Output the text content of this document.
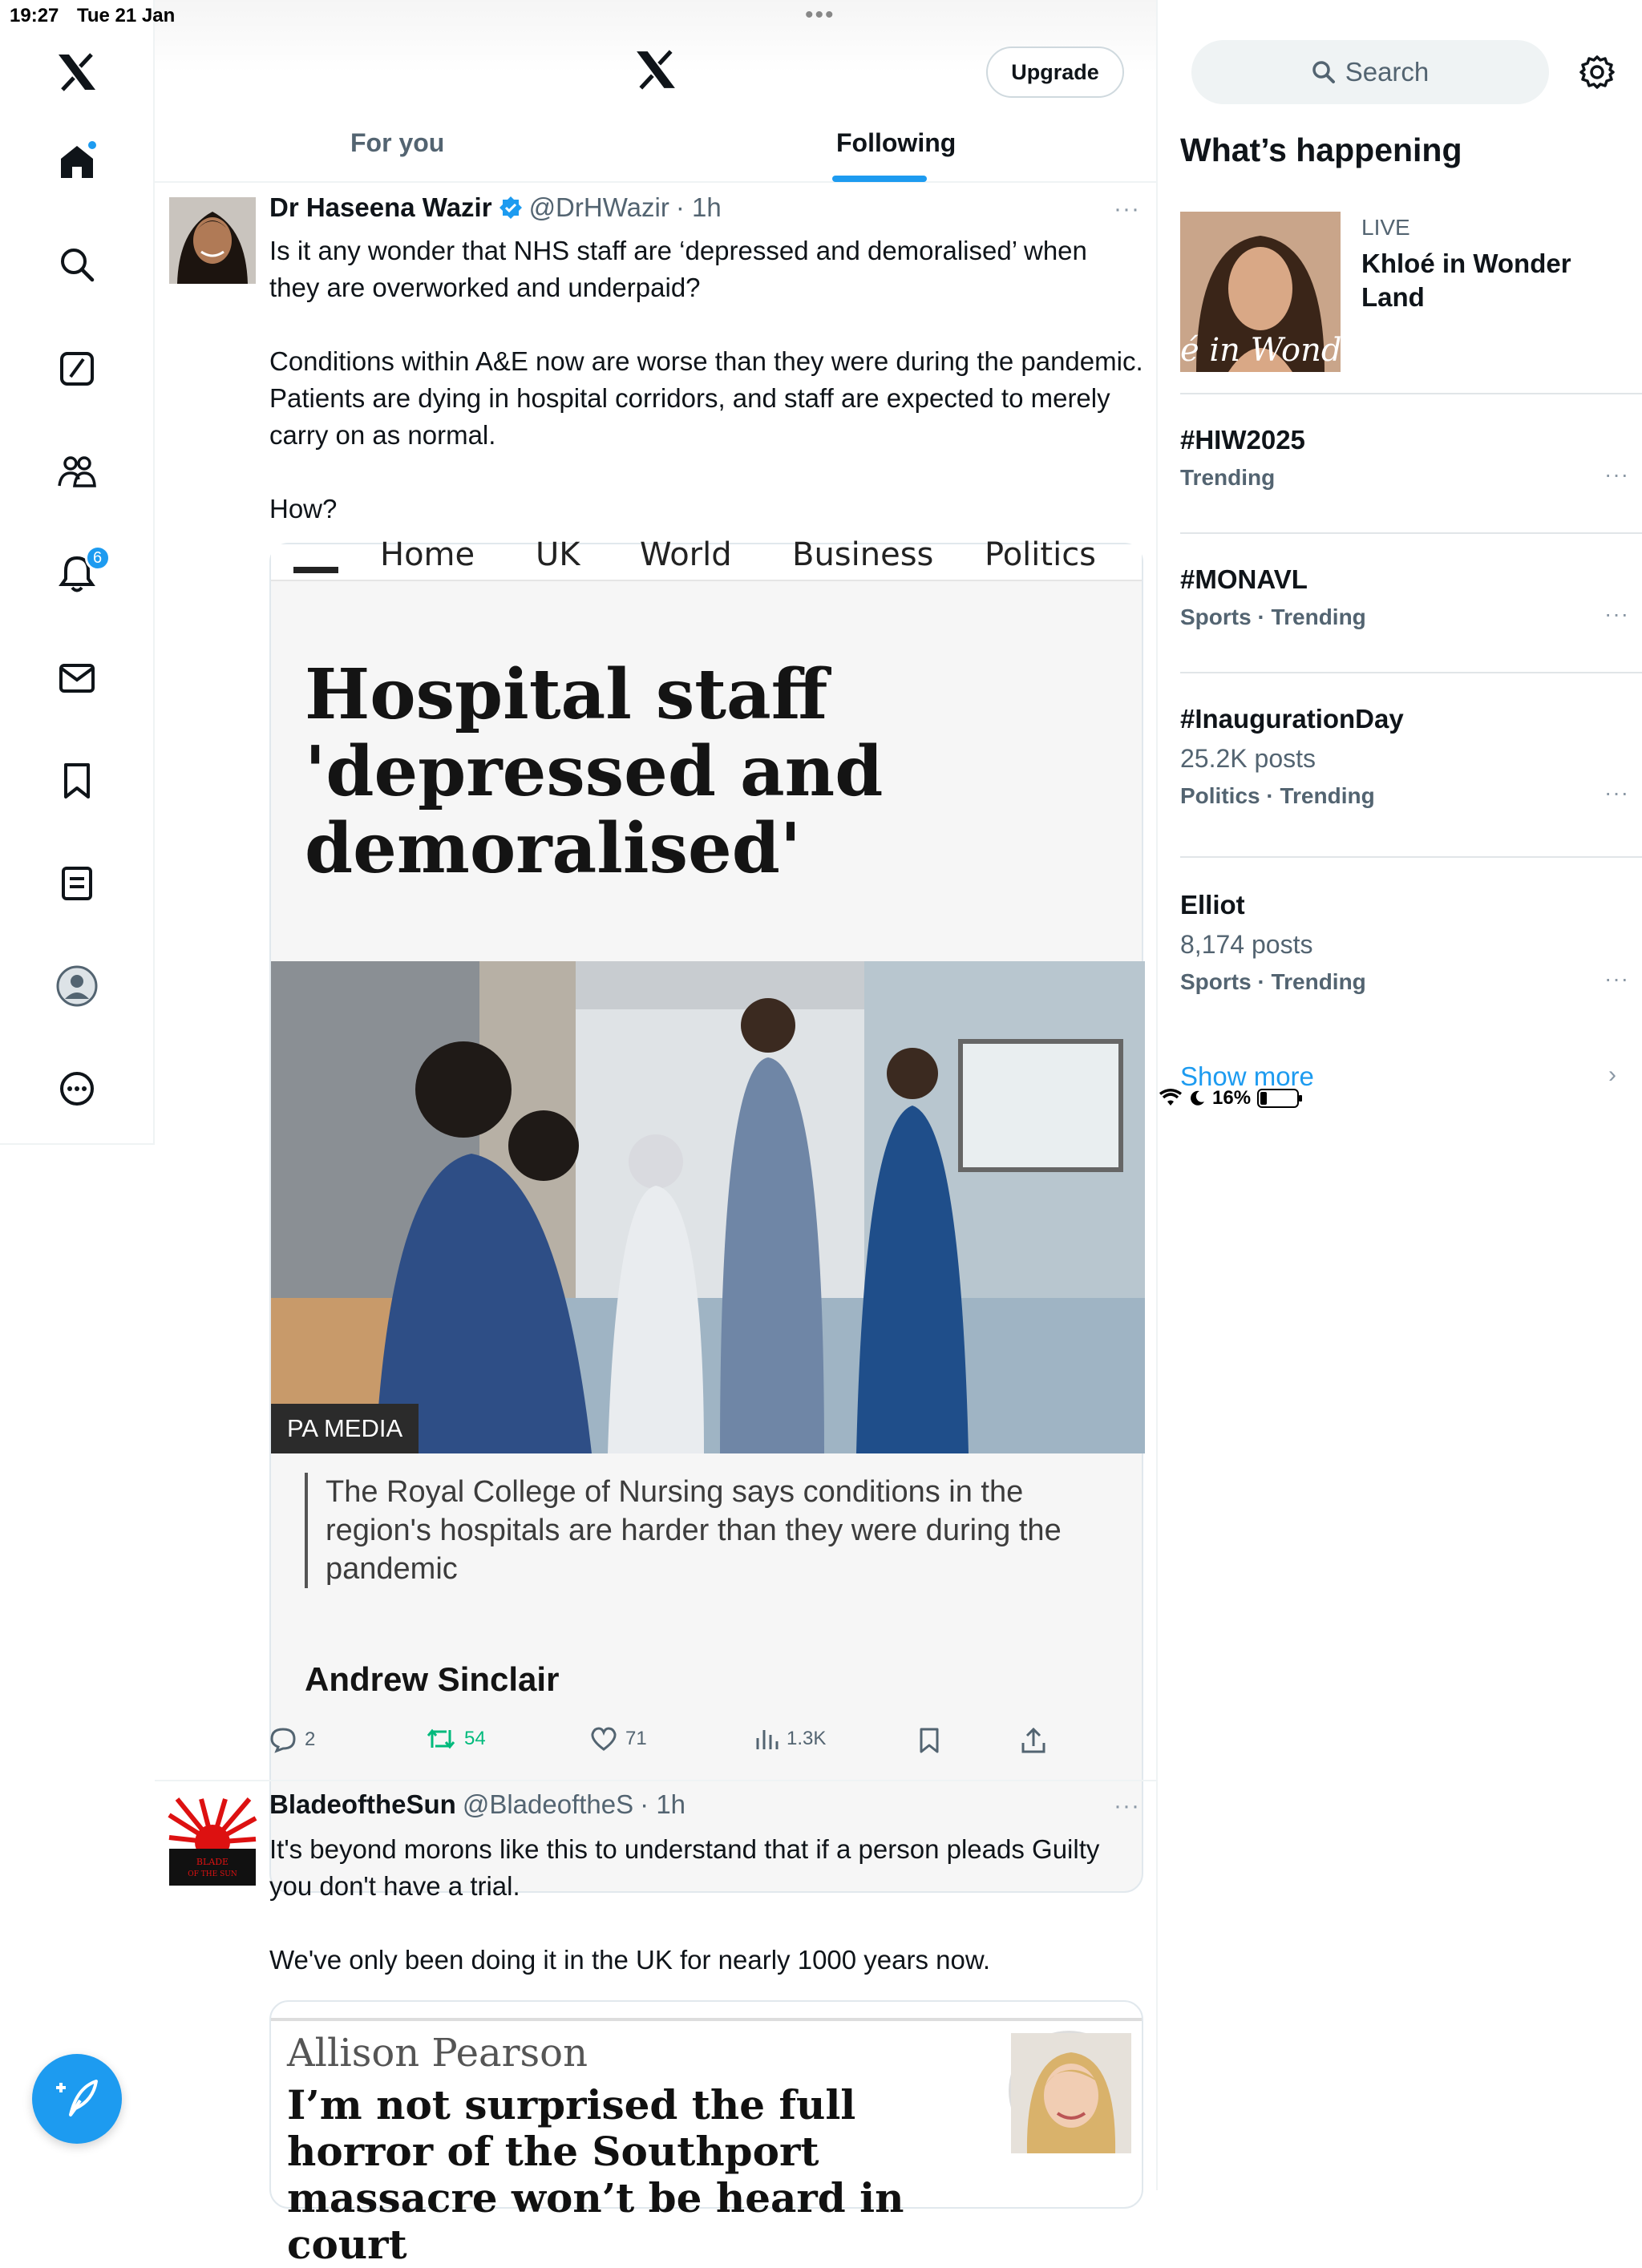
19:27 Tue 21 Jan	•••
16%
6
Upgrade
For you	Following
Dr Haseena Wazir @DrHWazir · 1h	···
Is it any wonder that NHS staff are ‘depressed and demoralised’ when they are overworked and underpaid?

Conditions within A&E now are worse than they were during the pandemic. Patients are dying in hospital corridors, and staff are expected to merely carry on as normal.

How?
Home UK World Business Politics
Hospital staff 'depressed and demoralised'
PA MEDIA
The Royal College of Nursing says conditions in the region's hospitals are harder than they were during the pandemic
Andrew Sinclair
2	54	71	1.3K
BLADE
OF THE SUN
BladeoftheSun @BladeoftheS · 1h	···
It's beyond morons like this to understand that if a person pleads Guilty you don't have a trial.

We've only been doing it in the UK for nearly 1000 years now.
Allison Pearson
I’m not surprised the full horror of the Southport massacre won’t be heard in court
Search
What’s happening
é in Wonder L
LIVE
Khloé in Wonder Land
#HIW2025
Trending	···
#MONAVL
Sports · Trending	···
#InaugurationDay
25.2K posts
Politics · Trending	···
Elliot
8,174 posts
Sports · Trending	···
Show more	›
